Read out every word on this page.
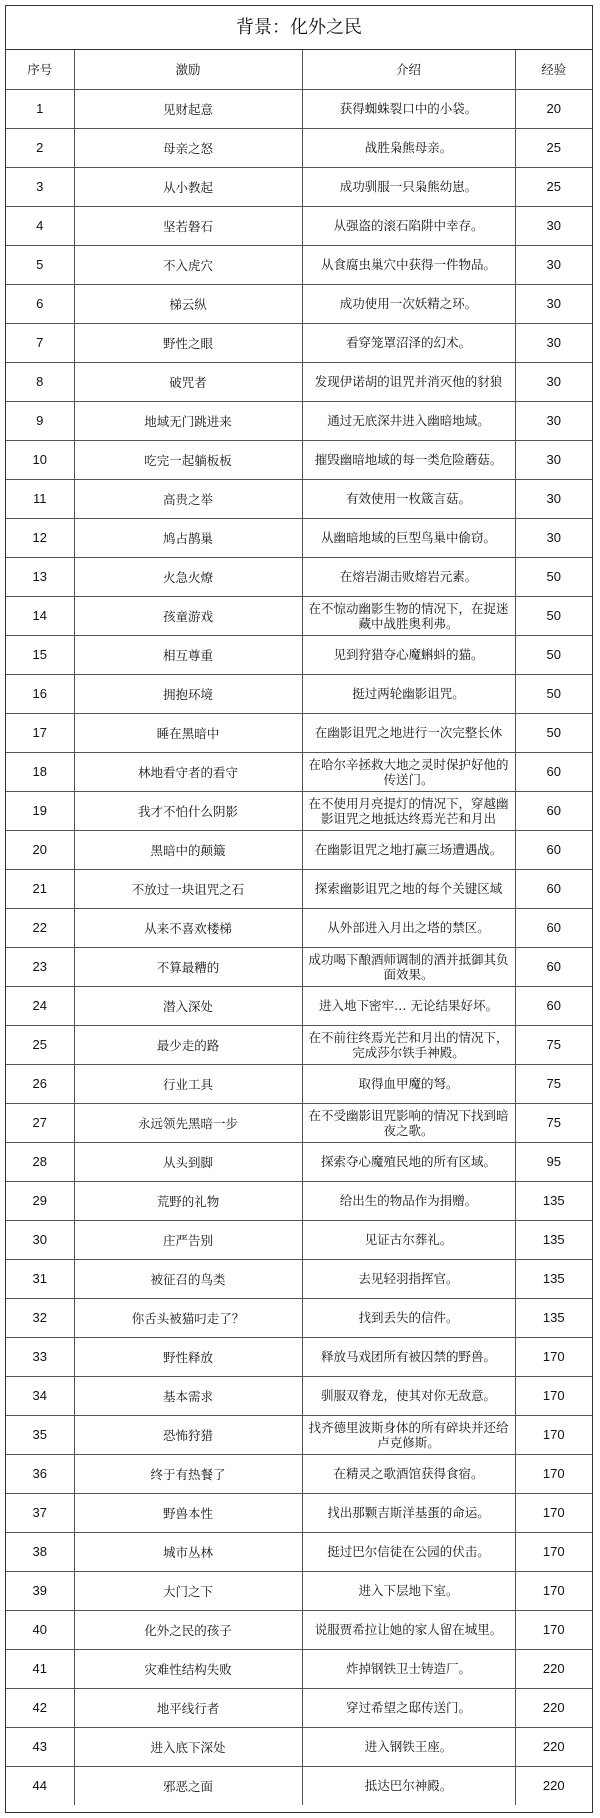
背景：化外之民
序号	激励	介绍	经验
1	见财起意	获得蜘蛛裂口中的小袋。	20
2	母亲之怒	战胜枭熊母亲。	25
3	从小教起	成功驯服一只枭熊幼崽。	25
4	坚若磐石	从强盗的滚石陷阱中幸存。	30
5	不入虎穴	从食腐虫巢穴中获得一件物品。	30
6	梯云纵	成功使用一次妖精之环。	30
7	野性之眼	看穿笼罩沼泽的幻术。	30
8	破咒者	发现伊诺胡的诅咒并消灭他的豺狼	30
9	地域无门跳进来	通过无底深井进入幽暗地域。	30
10	吃完一起躺板板	摧毁幽暗地域的每一类危险蘑菇。	30
11	高贵之举	有效使用一枚箴言菇。	30
12	鸠占鹊巢	从幽暗地域的巨型鸟巢中偷窃。	30
13	火急火燎	在熔岩湖击败熔岩元素。	50
14	孩童游戏	在不惊动幽影生物的情况下，在捉迷藏中战胜奥利弗。	50
15	相互尊重	见到狩猎夺心魔蝌蚪的猫。	50
16	拥抱环境	挺过两轮幽影诅咒。	50
17	睡在黑暗中	在幽影诅咒之地进行一次完整长休	50
18	林地看守者的看守	在哈尔辛拯救大地之灵时保护好他的传送门。	60
19	我才不怕什么阴影	在不使用月亮提灯的情况下，穿越幽影诅咒之地抵达终焉光芒和月出	60
20	黑暗中的颠簸	在幽影诅咒之地打赢三场遭遇战。	60
21	不放过一块诅咒之石	探索幽影诅咒之地的每个关键区域	60
22	从来不喜欢楼梯	从外部进入月出之塔的禁区。	60
23	不算最糟的	成功喝下酿酒师调制的酒并抵御其负面效果。	60
24	潜入深处	进入地下密牢… 无论结果好坏。	60
25	最少走的路	在不前往终焉光芒和月出的情况下，完成莎尔铁手神殿。	75
26	行业工具	取得血甲魔的弩。	75
27	永远领先黑暗一步	在不受幽影诅咒影响的情况下找到暗夜之歌。	75
28	从头到脚	探索夺心魔殖民地的所有区域。	95
29	荒野的礼物	给出生的物品作为捐赠。	135
30	庄严告别	见证古尔葬礼。	135
31	被征召的鸟类	去见轻羽指挥官。	135
32	你舌头被猫叼走了？	找到丢失的信件。	135
33	野性释放	释放马戏团所有被囚禁的野兽。	170
34	基本需求	驯服双脊龙，使其对你无敌意。	170
35	恐怖狩猎	找齐德里波斯身体的所有碎块并还给卢克修斯。	170
36	终于有热餐了	在精灵之歌酒馆获得食宿。	170
37	野兽本性	找出那颗吉斯洋基蛋的命运。	170
38	城市丛林	挺过巴尔信徒在公园的伏击。	170
39	大门之下	进入下层地下室。	170
40	化外之民的孩子	说服贾希拉让她的家人留在城里。	170
41	灾难性结构失败	炸掉钢铁卫士铸造厂。	220
42	地平线行者	穿过希望之邸传送门。	220
43	进入底下深处	进入钢铁王座。	220
44	邪恶之面	抵达巴尔神殿。	220
